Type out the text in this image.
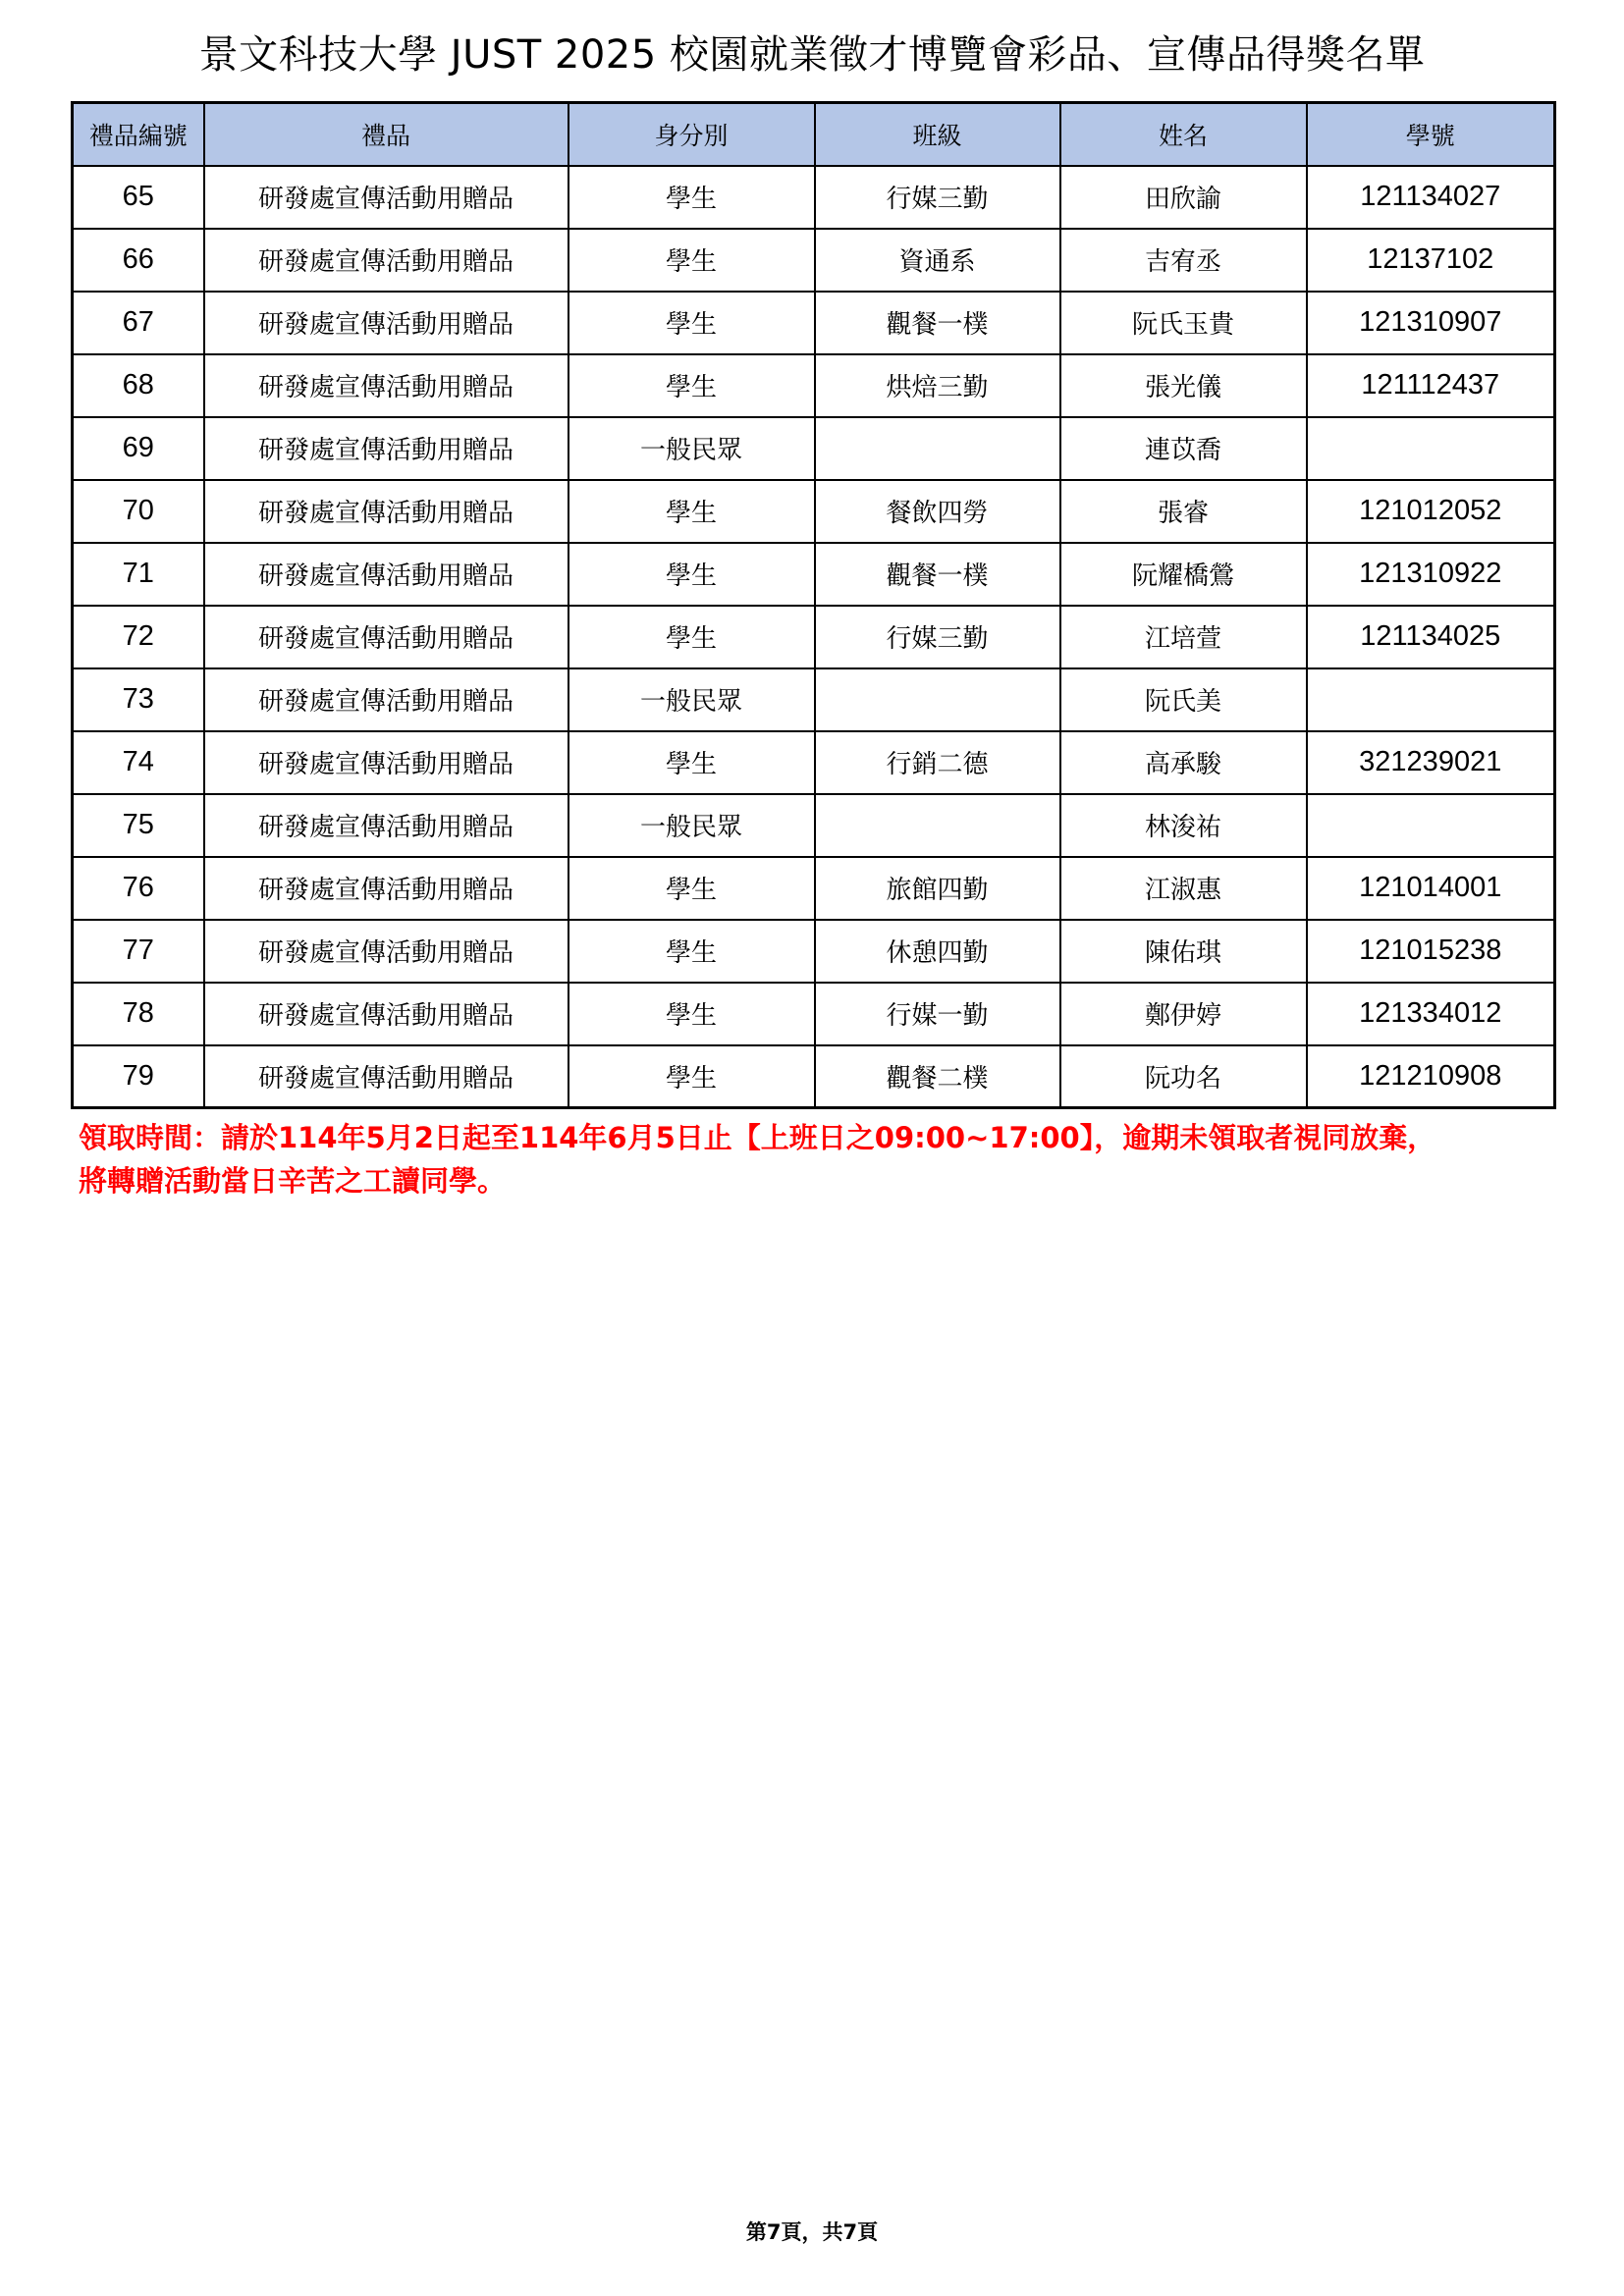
景文科技大學 JUST 2025 校園就業徵才博覽會彩品、宣傳品得獎名單
禮品編號	禮品	身分別	班級	姓名	學號
65	研發處宣傳活動用贈品	學生	行媒三勤	田欣諭	121134027
66	研發處宣傳活動用贈品	學生	資通系	吉宥丞	12137102
67	研發處宣傳活動用贈品	學生	觀餐一樸	阮氏玉貴	121310907
68	研發處宣傳活動用贈品	學生	烘焙三勤	張光儀	121112437
69	研發處宣傳活動用贈品	一般民眾		連苡喬	
70	研發處宣傳活動用贈品	學生	餐飲四勞	張睿	121012052
71	研發處宣傳活動用贈品	學生	觀餐一樸	阮耀橋鶯	121310922
72	研發處宣傳活動用贈品	學生	行媒三勤	江培萱	121134025
73	研發處宣傳活動用贈品	一般民眾		阮氏美	
74	研發處宣傳活動用贈品	學生	行銷二德	高承駿	321239021
75	研發處宣傳活動用贈品	一般民眾		林浚祐	
76	研發處宣傳活動用贈品	學生	旅館四勤	江淑惠	121014001
77	研發處宣傳活動用贈品	學生	休憩四勤	陳佑琪	121015238
78	研發處宣傳活動用贈品	學生	行媒一勤	鄭伊婷	121334012
79	研發處宣傳活動用贈品	學生	觀餐二樸	阮功名	121210908
領取時間：請於114年5月2日起至114年6月5日止【上班日之09:00~17:00】，逾期未領取者視同放棄，
將轉贈活動當日辛苦之工讀同學。
第7頁，共7頁
